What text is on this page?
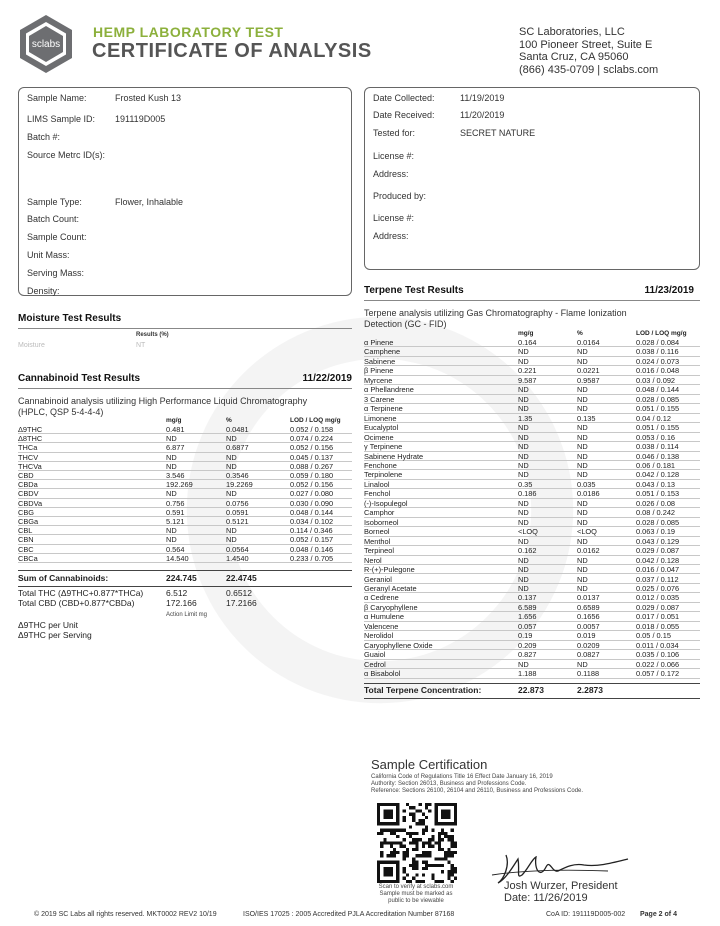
sclabs
HEMP LABORATORY TEST
CERTIFICATE OF ANALYSIS
SC Laboratories, LLC
100 Pioneer Street, Suite E
Santa Cruz, CA 95060
(866) 435-0709 | sclabs.com
Sample Name:	Frosted Kush 13
LIMS Sample ID: 191119D005
Batch #:
Source Metrc ID(s):
Sample Type:	Flower, Inhalable
Batch Count:
Sample Count:
Unit Mass:
Serving Mass:
Density:
Date Collected:	11/19/2019
Date Received:	11/20/2019
Tested for:	SECRET NATURE
License #:
Address:
Produced by:
License #:
Address:
Moisture Test Results
Results (%)
Moisture	NT
Cannabinoid Test Results	11/22/2019
Cannabinoid analysis utilizing High Performance Liquid Chromatography
(HPLC, QSP 5-4-4-4)
mg/g	%	LOD / LOQ mg/g
Δ9THC	0.481	0.0481	0.052 / 0.158
Δ8THC	ND	ND	0.074 / 0.224
THCa	6.877	0.6877	0.052 / 0.156
THCV	ND	ND	0.045 / 0.137
THCVa	ND	ND	0.088 / 0.267
CBD	3.546	0.3546	0.059 / 0.180
CBDa	192.269	19.2269	0.052 / 0.156
CBDV	ND	ND	0.027 / 0.080
CBDVa	0.756	0.0756	0.030 / 0.090
CBG	0.591	0.0591	0.048 / 0.144
CBGa	5.121	0.5121	0.034 / 0.102
CBL	ND	ND	0.114 / 0.346
CBN	ND	ND	0.052 / 0.157
CBC	0.564	0.0564	0.048 / 0.146
CBCa	14.540	1.4540	0.233 / 0.705
Sum of Cannabinoids:	224.745	22.4745
Total THC (Δ9THC+0.877*THCa)	6.512	0.6512
Total CBD (CBD+0.877*CBDa)	172.166	17.2166
Action Limit mg
Δ9THC per Unit
Δ9THC per Serving
Terpene Test Results	11/23/2019
Terpene analysis utilizing Gas Chromatography - Flame Ionization
Detection (GC - FID)
mg/g	%	LOD / LOQ mg/g
α Pinene	0.164	0.0164	0.028 / 0.084
Camphene	ND	ND	0.038 / 0.116
Sabinene	ND	ND	0.024 / 0.073
β Pinene	0.221	0.0221	0.016 / 0.048
Myrcene	9.587	0.9587	0.03 / 0.092
α Phellandrene	ND	ND	0.048 / 0.144
3 Carene	ND	ND	0.028 / 0.085
α Terpinene	ND	ND	0.051 / 0.155
Limonene	1.35	0.135	0.04 / 0.12
Eucalyptol	ND	ND	0.051 / 0.155
Ocimene	ND	ND	0.053 / 0.16
γ Terpinene	ND	ND	0.038 / 0.114
Sabinene Hydrate	ND	ND	0.046 / 0.138
Fenchone	ND	ND	0.06 / 0.181
Terpinolene	ND	ND	0.042 / 0.128
Linalool	0.35	0.035	0.043 / 0.13
Fenchol	0.186	0.0186	0.051 / 0.153
(-)-Isopulegol	ND	ND	0.026 / 0.08
Camphor	ND	ND	0.08 / 0.242
Isoborneol	ND	ND	0.028 / 0.085
Borneol	<LOQ	<LOQ	0.063 / 0.19
Menthol	ND	ND	0.043 / 0.129
Terpineol	0.162	0.0162	0.029 / 0.087
Nerol	ND	ND	0.042 / 0.128
R-(+)-Pulegone	ND	ND	0.016 / 0.047
Geraniol	ND	ND	0.037 / 0.112
Geranyl Acetate	ND	ND	0.025 / 0.076
α Cedrene	0.137	0.0137	0.012 / 0.035
β Caryophyllene	6.589	0.6589	0.029 / 0.087
α Humulene	1.656	0.1656	0.017 / 0.051
Valencene	0.057	0.0057	0.018 / 0.055
Nerolidol	0.19	0.019	0.05 / 0.15
Caryophyllene Oxide	0.209	0.0209	0.011 / 0.034
Guaiol	0.827	0.0827	0.035 / 0.106
Cedrol	ND	ND	0.022 / 0.066
α Bisabolol	1.188	0.1188	0.057 / 0.172
Total Terpene Concentration:	22.873	2.2873
Sample Certification
California Code of Regulations Title 16 Effect Date January 16, 2019
Authority: Section 26013, Business and Professions Code.
Reference: Sections 26100, 26104 and 26110, Business and Professions Code.
Scan to verify at sclabs.com
Sample must be marked as
public to be viewable
Josh Wurzer, President
Date: 11/26/2019
© 2019 SC Labs all rights reserved. MKT0002 REV2 10/19	ISO/IES 17025 : 2005 Accredited PJLA Accreditation Number 87168	CoA ID: 191119D005-002 Page 2 of 4
